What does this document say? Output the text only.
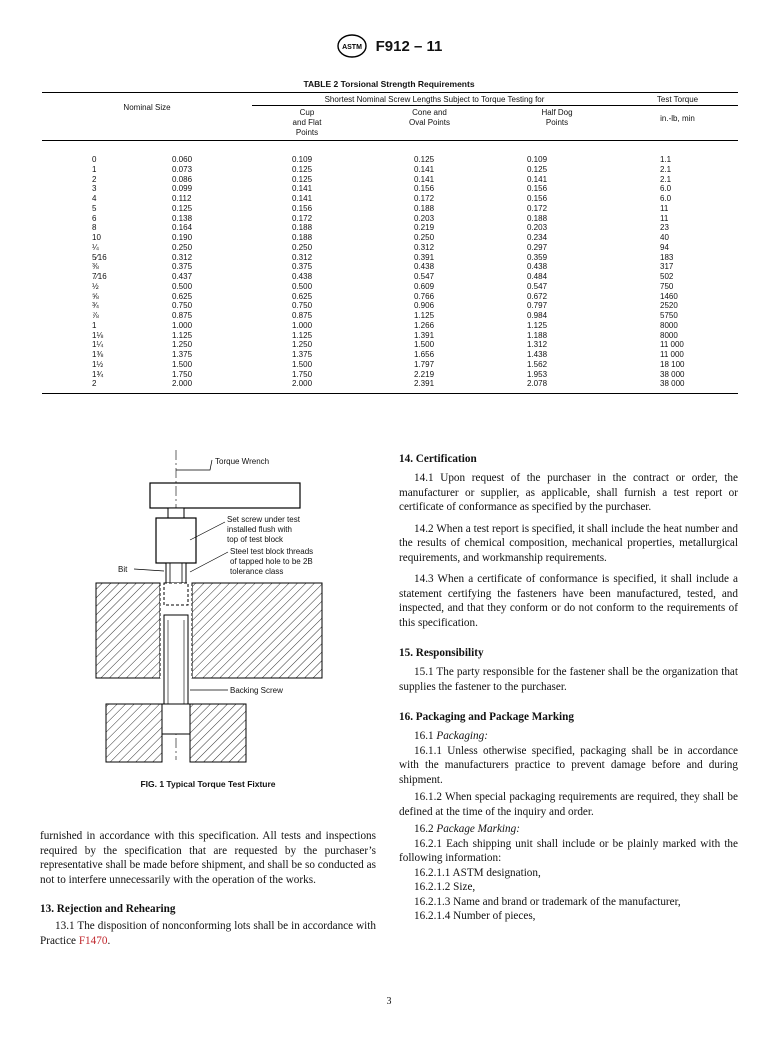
ASTM F912 – 11
TABLE 2 Torsional Strength Requirements
Nominal Size		Shortest Nominal Screw Lengths Subject to Torque Testing for			Test Torque
		Cup and Flat Points	Cone and Oval Points	Half Dog Points	in.-lb, min

0	0.060	0.109	0.125	0.109	1.1
1	0.073	0.125	0.141	0.125	2.1
2	0.086	0.125	0.141	0.141	2.1
3	0.099	0.141	0.156	0.156	6.0
4	0.112	0.141	0.172	0.156	6.0
5	0.125	0.156	0.188	0.172	11
6	0.138	0.172	0.203	0.188	11
8	0.164	0.188	0.219	0.203	23
10	0.190	0.188	0.250	0.234	40
¼	0.250	0.250	0.312	0.297	94
5⁄16	0.312	0.312	0.391	0.359	183
⅜	0.375	0.375	0.438	0.438	317
7⁄16	0.437	0.438	0.547	0.484	502
½	0.500	0.500	0.609	0.547	750
⅝	0.625	0.625	0.766	0.672	1460
¾	0.750	0.750	0.906	0.797	2520
⅞	0.875	0.875	1.125	0.984	5750
1	1.000	1.000	1.266	1.125	8000
1⅛	1.125	1.125	1.391	1.188	8000
1¼	1.250	1.250	1.500	1.312	11 000
1⅜	1.375	1.375	1.656	1.438	11 000
1½	1.500	1.500	1.797	1.562	18 100
1¾	1.750	1.750	2.219	1.953	38 000
2	2.000	2.000	2.391	2.078	38 000

Torque Wrench
Set screw under test
installed flush with
top of test block
Steel test block threads
of tapped hole to be 2B
tolerance class
Bit
Backing Screw
FIG. 1 Typical Torque Test Fixture

furnished in accordance with this specification. All tests and inspections required by the specification that are requested by the purchaser’s representative shall be made before shipment, and shall be so conducted as not to interfere unnecessarily with the operation of the works.

13. Rejection and Rehearing

13.1 The disposition of nonconforming lots shall be in accordance with Practice F1470.

14. Certification

14.1 Upon request of the purchaser in the contract or order, the manufacturer or supplier, as applicable, shall furnish a test report or certificate of conformance as specified by the purchaser.

14.2 When a test report is specified, it shall include the heat number and the results of chemical composition, mechanical properties, metallurgical requirements, and workmanship requirements.

14.3 When a certificate of conformance is specified, it shall include a statement certifying the fasteners have been manufactured, tested, and inspected, and that they conform or do not conform to the requirements of this specification.

15. Responsibility

15.1 The party responsible for the fastener shall be the organization that supplies the fastener to the purchaser.

16. Packaging and Package Marking

16.1 Packaging:

16.1.1 Unless otherwise specified, packaging shall be in accordance with the manufacturers practice to prevent damage before and during shipment.

16.1.2 When special packaging requirements are required, they shall be defined at the time of the inquiry and order.

16.2 Package Marking:

16.2.1 Each shipping unit shall include or be plainly marked with the following information:

16.2.1.1 ASTM designation,

16.2.1.2 Size,

16.2.1.3 Name and brand or trademark of the manufacturer,

16.2.1.4 Number of pieces,

3
